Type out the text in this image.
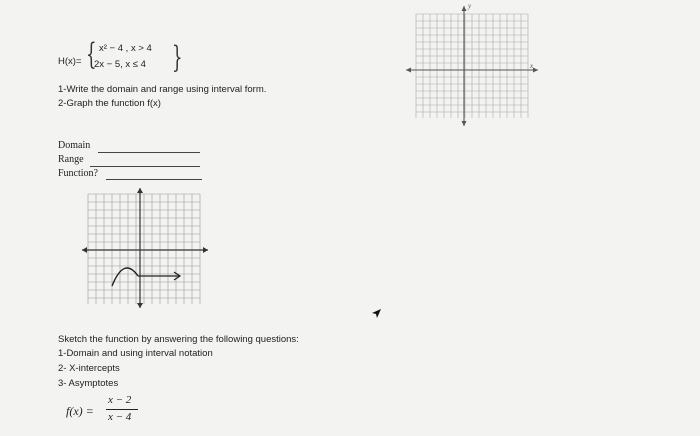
H(x)= { x² − 4 , x > 4
2x − 5, x ≤ 4 }
1-Write the domain and range using interval form.
2-Graph the function f(x)
Domain
Range
Function?
y
x
Sketch the function by answering the following questions:
1-Domain and using interval notation
2- X-intercepts
3- Asymptotes
f(x) =
x − 2
x − 4
